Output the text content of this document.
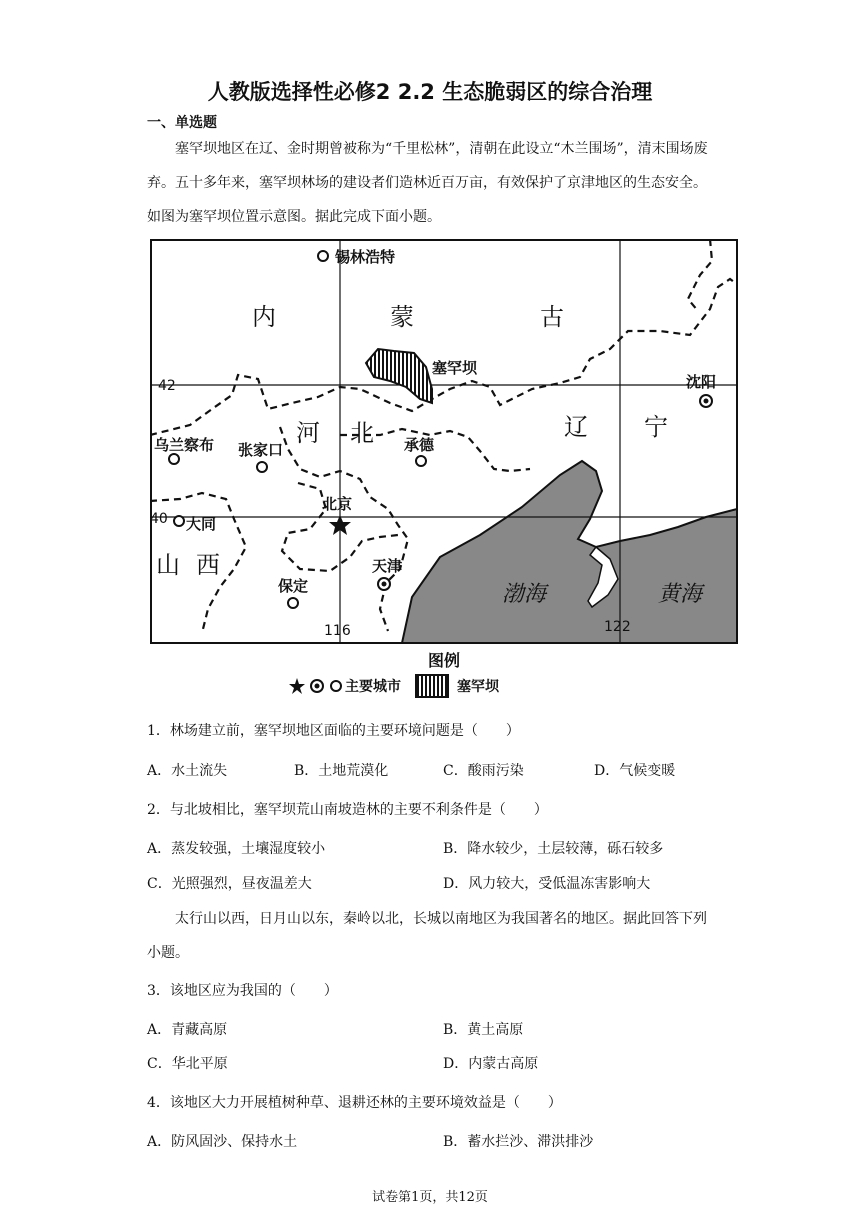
人教版选择性必修2 2.2 生态脆弱区的综合治理
一、单选题
塞罕坝地区在辽、金时期曾被称为“千里松林”，清朝在此设立“木兰围场”，清末围场废弃。五十多年来，塞罕坝林场的建设者们造林近百万亩，有效保护了京津地区的生态安全。如图为塞罕坝位置示意图。据此完成下面小题。
锡林浩特
内	蒙	古
塞罕坝
42	沈阳
乌兰察布 张家口
河 北 承德
辽 宁
40 大同
北京
山 西	天津
保定	渤海	黄海
116	122
图例
主要城市	塞罕坝
1．林场建立前，塞罕坝地区面临的主要环境问题是（　　）
A．水土流失	B．土地荒漠化	C．酸雨污染	D．气候变暖
2．与北坡相比，塞罕坝荒山南坡造林的主要不利条件是（　　）
A．蒸发较强，土壤湿度较小	B．降水较少，土层较薄，砾石较多
C．光照强烈，昼夜温差大	D．风力较大，受低温冻害影响大
太行山以西，日月山以东，秦岭以北，长城以南地区为我国著名的地区。据此回答下列小题。
3．该地区应为我国的（　　）
A．青藏高原	B．黄土高原
C．华北平原	D．内蒙古高原
4．该地区大力开展植树种草、退耕还林的主要环境效益是（　　）
A．防风固沙、保持水土	B．蓄水拦沙、滞洪排沙
试卷第1页，共12页
